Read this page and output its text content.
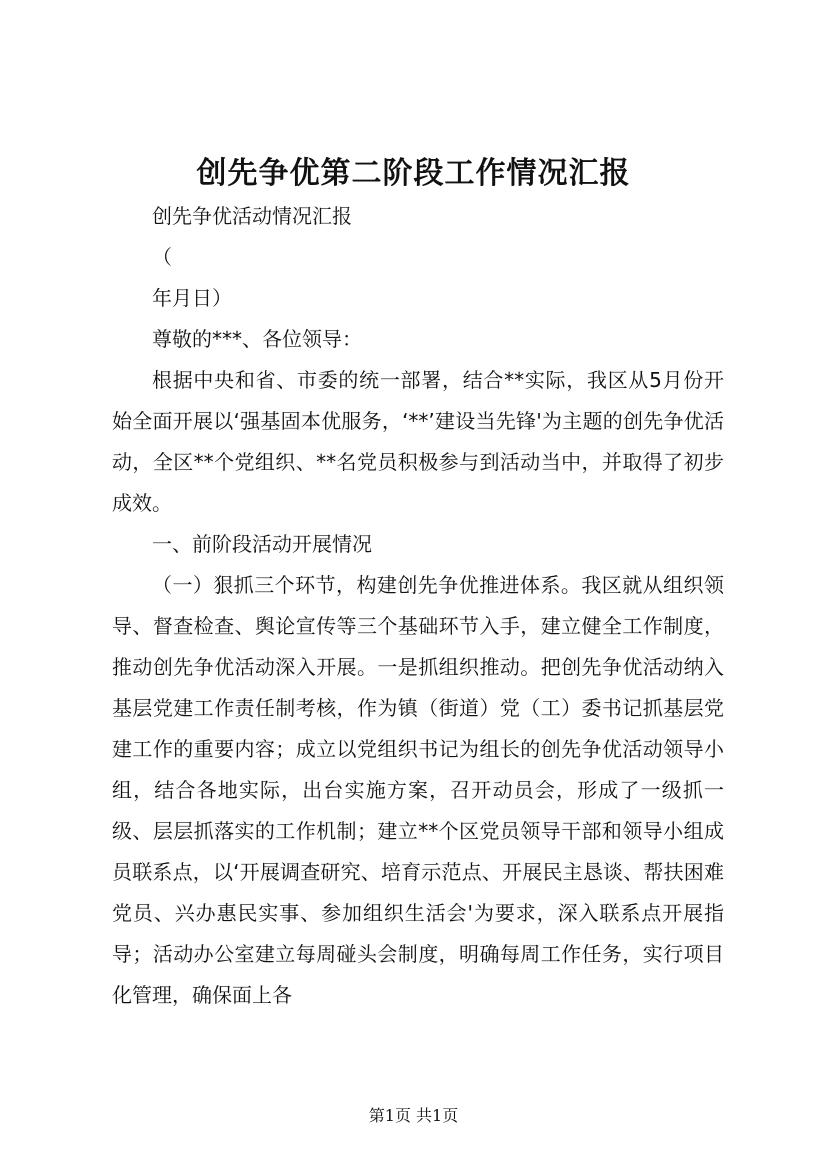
创先争优第二阶段工作情况汇报

创先争优活动情况汇报

（

年月日）

尊敬的***、各位领导：

根据中央和省、市委的统一部署，结合**实际，我区从5月份开始全面开展以‘强基固本优服务，‘**’建设当先锋'为主题的创先争优活动，全区**个党组织、**名党员积极参与到活动当中，并取得了初步成效。

一、前阶段活动开展情况

（一）狠抓三个环节，构建创先争优推进体系。我区就从组织领导、督查检查、舆论宣传等三个基础环节入手，建立健全工作制度，推动创先争优活动深入开展。一是抓组织推动。把创先争优活动纳入基层党建工作责任制考核，作为镇（街道）党（工）委书记抓基层党建工作的重要内容；成立以党组织书记为组长的创先争优活动领导小组，结合各地实际，出台实施方案，召开动员会，形成了一级抓一级、层层抓落实的工作机制；建立**个区党员领导干部和领导小组成员联系点，以‘开展调查研究、培育示范点、开展民主恳谈、帮扶困难党员、兴办惠民实事、参加组织生活会'为要求，深入联系点开展指导；活动办公室建立每周碰头会制度，明确每周工作任务，实行项目化管理，确保面上各

第1页 共1页
